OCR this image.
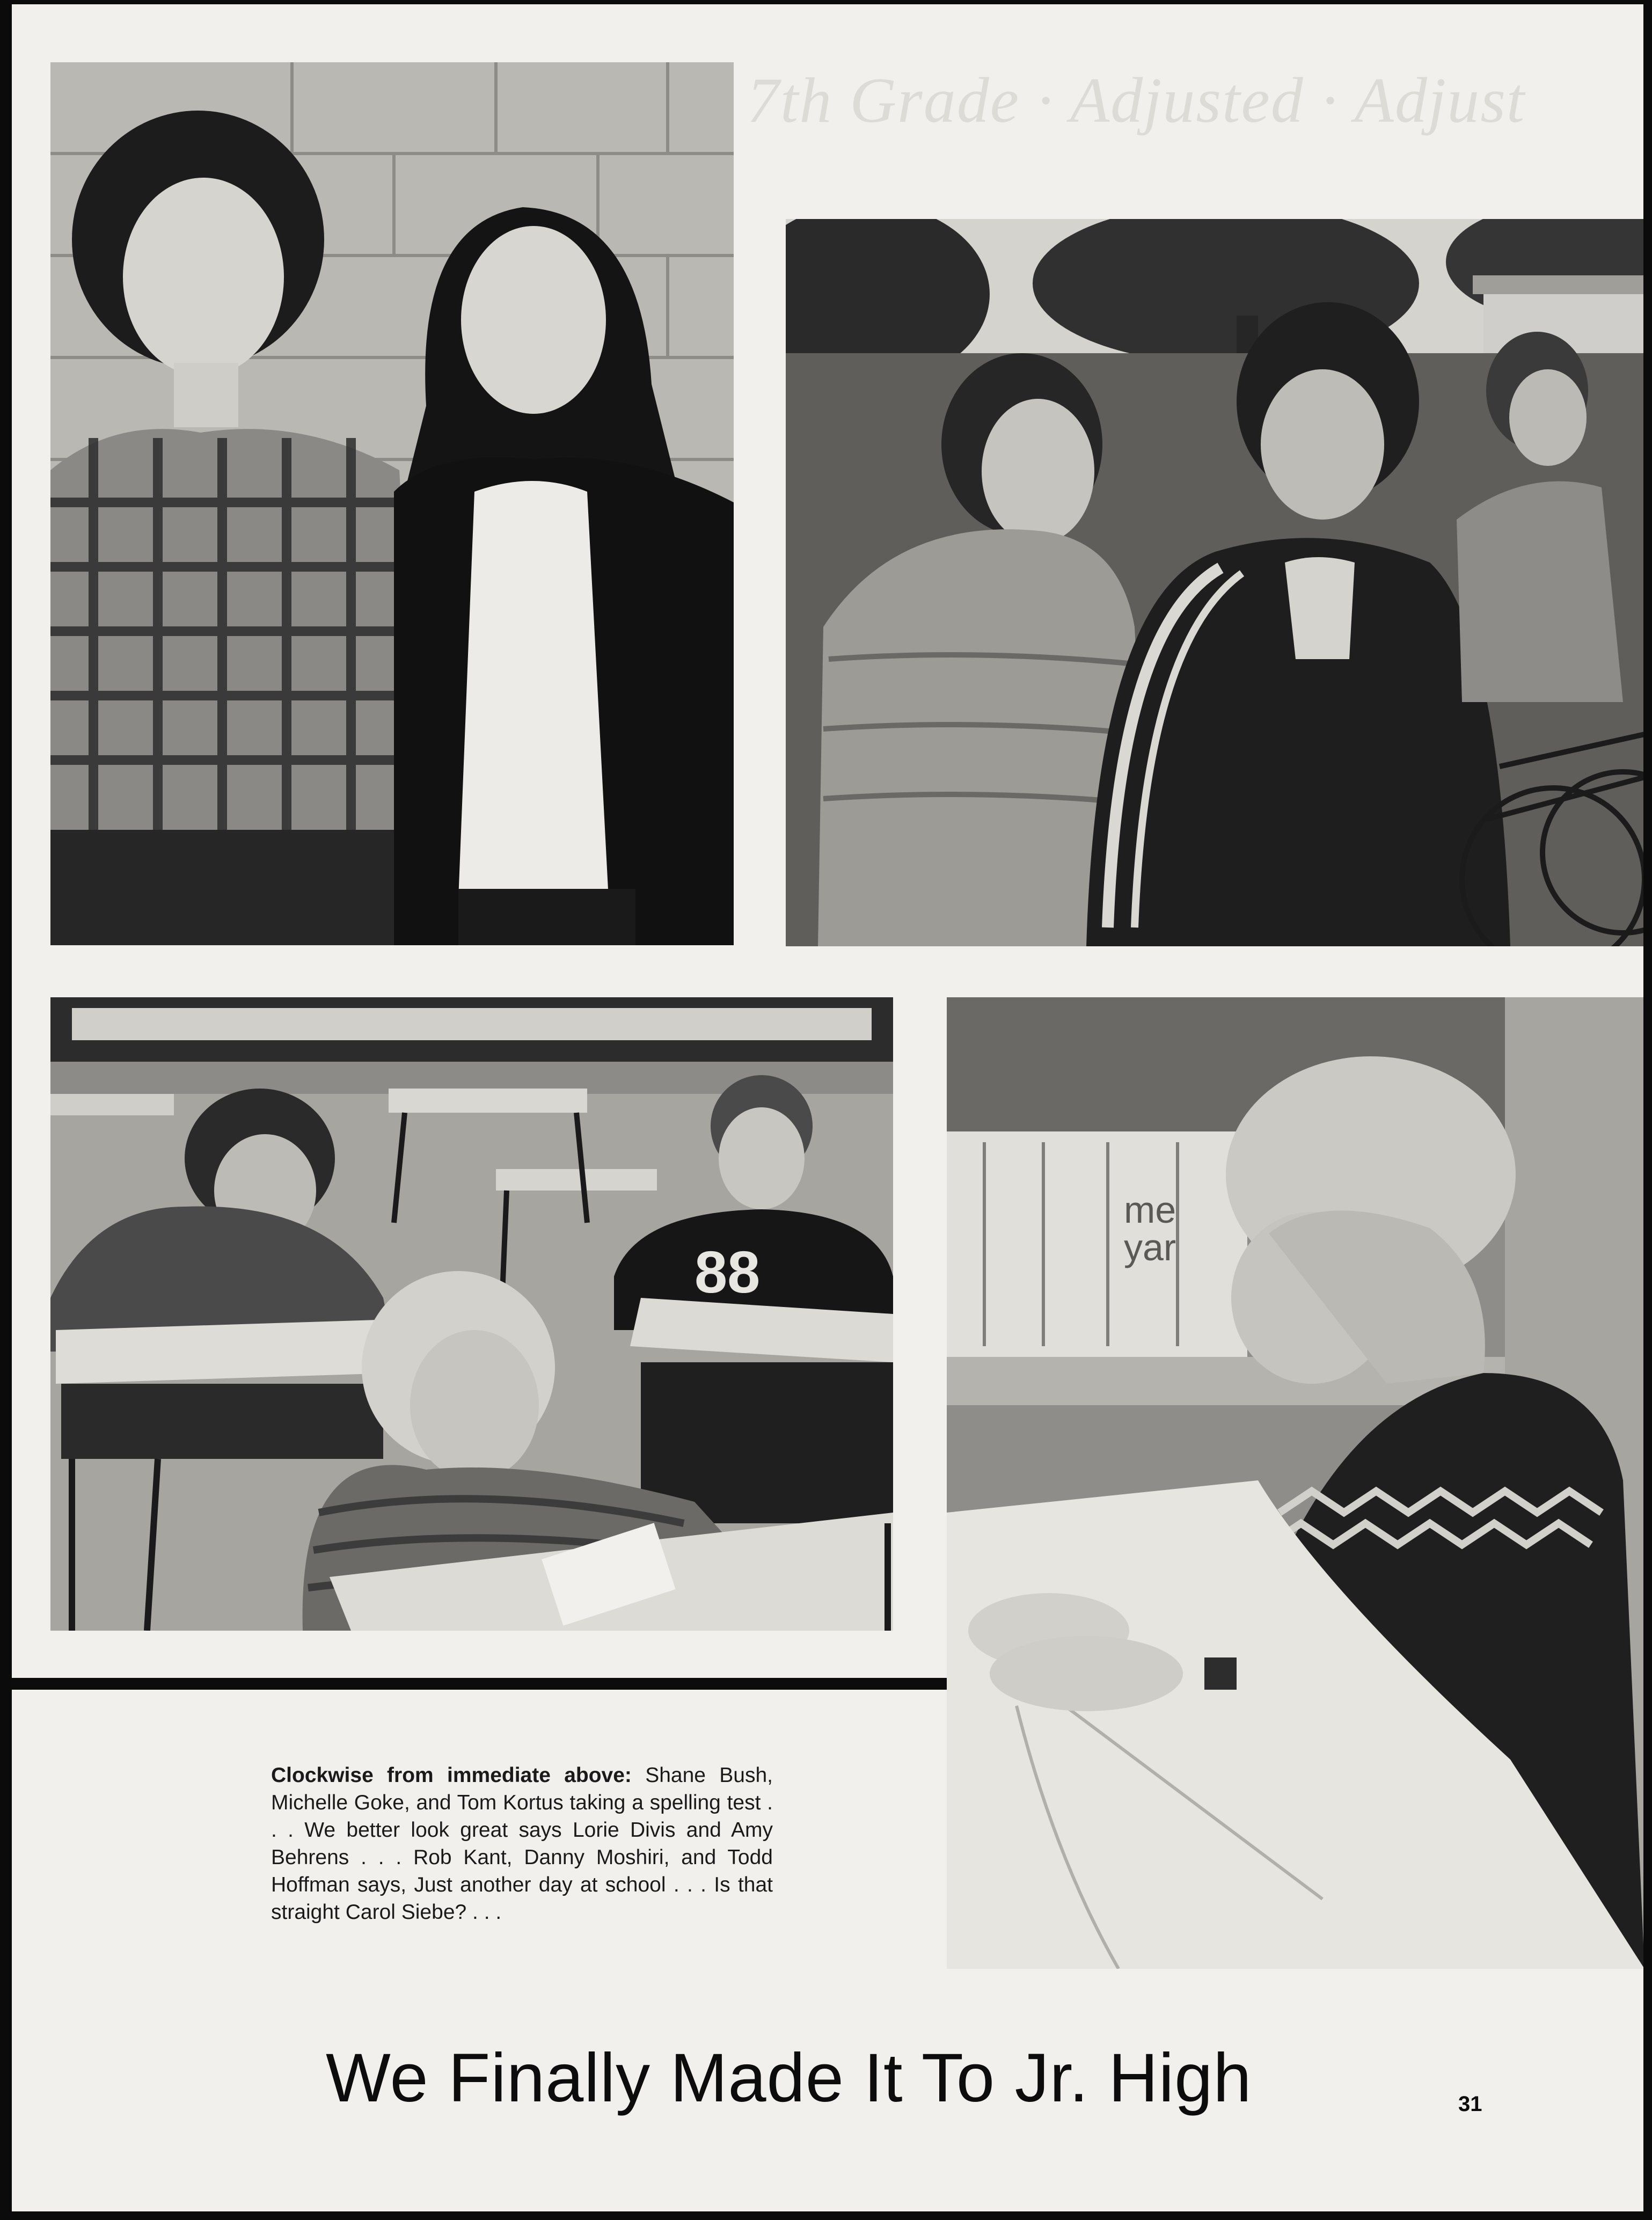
7th Grade · Adjusted · Adjust
88
me
yar

Clockwise from immediate above: Shane Bush, Michelle Goke, and Tom Kortus taking a spelling test . . . We better look great says Lorie Divis and Amy Behrens . . . Rob Kant, Danny Moshiri, and Todd Hoffman says, Just another day at school . . . Is that straight Carol Siebe? . . .

We Finally Made It To Jr. High	31
